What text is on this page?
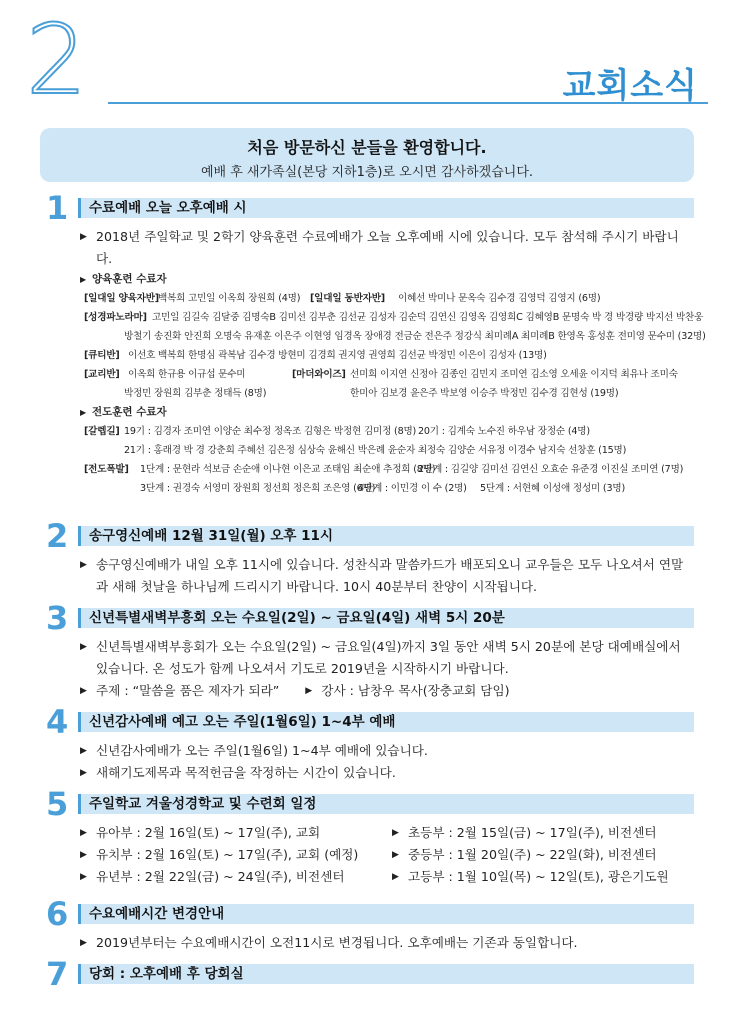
2	교회소식
처음 방문하신 분들을 환영합니다.
예배 후 새가족실(본당 지하1층)로 오시면 감사하겠습니다.
1	수료예배 오늘 오후예배 시
▶ 2018년 주일학교 및 2학기 양육훈련 수료예배가 오늘 오후예배 시에 있습니다. 모두 참석해 주시기 바랍니다.
▶ 양육훈련 수료자
[일대일 양육자반] 백복희 고민일 이옥희 장원희 (4명) [일대일 동반자반] 이혜선 박미나 문옥숙 김수경 김영덕 김영지 (6명)
[성경파노라마] 고민일 김길숙 김달중 김명숙B 김미선 김부춘 김선균 김성자 김순덕 김연신 김영옥 김영희C 김혜영B 문명숙 박 경 박경량 박지선 박찬웅
방철기 송진화 안진희 오명숙 유재훈 이은주 이현영 임경옥 장애경 전금순 전은주 정강식 최미례A 최미례B 한영옥 홍성훈 전미영 문수미 (32명)
[큐티반] 이선호 백복희 한명심 곽복남 김수경 방현미 김경희 권지영 권영희 김선균 박정민 이은이 김성자 (13명)
[교리반] 이옥희 한규용 이규섭 문수미	[마더와이즈] 선미희 이지연 신정아 김종인 김민지 조미연 김소영 오세윤 이지덕 최유나 조미숙
박정민 장원희 김부춘 정태득 (8명)	한미아 김보경 윤은주 박보영 이승주 박정민 김수경 김현성 (19명)
▶ 전도훈련 수료자
[갈렙길] 19기 : 김경자 조미연 이양순 최수정 정옥조 김형은 박정현 김미정 (8명) 20기 : 김계숙 노수진 하우남 장정순 (4명)
21기 : 홍래경 박 경 강춘희 주혜선 김은정 심상숙 윤해신 박은례 윤순자 최정숙 김양순 서유정 이경수 남지숙 선창훈 (15명)
[전도폭발] 1단계 : 문현라 석보금 손순애 이나현 이은교 조태임 최순애 추정희 (8명)
2단계 : 김길양 김미선 김연신 오효순 유준경 이진실 조미연 (7명)
3단계 : 권경숙 서영미 장원희 정선희 정은희 조은영 (6명)
4단계 : 이민경 이 수 (2명) 5단계 : 서현혜 이성애 정성미 (3명)
2	송구영신예배 12월 31일(월) 오후 11시
▶ 송구영신예배가 내일 오후 11시에 있습니다. 성찬식과 말씀카드가 배포되오니 교우들은 모두 나오셔서 연말과 새해 첫날을 하나님께 드리시기 바랍니다. 10시 40분부터 찬양이 시작됩니다.
3	신년특별새벽부흥회 오는 수요일(2일) ~ 금요일(4일) 새벽 5시 20분
▶ 신년특별새벽부흥회가 오는 수요일(2일) ~ 금요일(4일)까지 3일 동안 새벽 5시 20분에 본당 대예배실에서 있습니다. 온 성도가 함께 나오셔서 기도로 2019년을 시작하시기 바랍니다.
▶ 주제 : “말씀을 품은 제자가 되라”
▶	강사 : 남창우 목사(장충교회 담임)
4	신년감사예배 예고 오는 주일(1월6일) 1~4부 예배
▶ 신년감사예배가 오는 주일(1월6일) 1~4부 예배에 있습니다.
▶ 새해기도제목과 목적헌금을 작정하는 시간이 있습니다.
5	주일학교 겨울성경학교 및 수련회 일정
▶ 유아부 : 2월 16일(토) ~ 17일(주), 교회
▶ 유치부 : 2월 16일(토) ~ 17일(주), 교회 (예정)
▶ 유년부 : 2월 22일(금) ~ 24일(주), 비전센터
▶ 초등부 : 2월 15일(금) ~ 17일(주), 비전센터
▶ 중등부 : 1월 20일(주) ~ 22일(화), 비전센터
▶ 고등부 : 1월 10일(목) ~ 12일(토), 광은기도원
6	수요예배시간 변경안내
▶ 2019년부터는 수요예배시간이 오전11시로 변경됩니다. 오후예배는 기존과 동일합니다.
7	당회 : 오후예배 후 당회실
